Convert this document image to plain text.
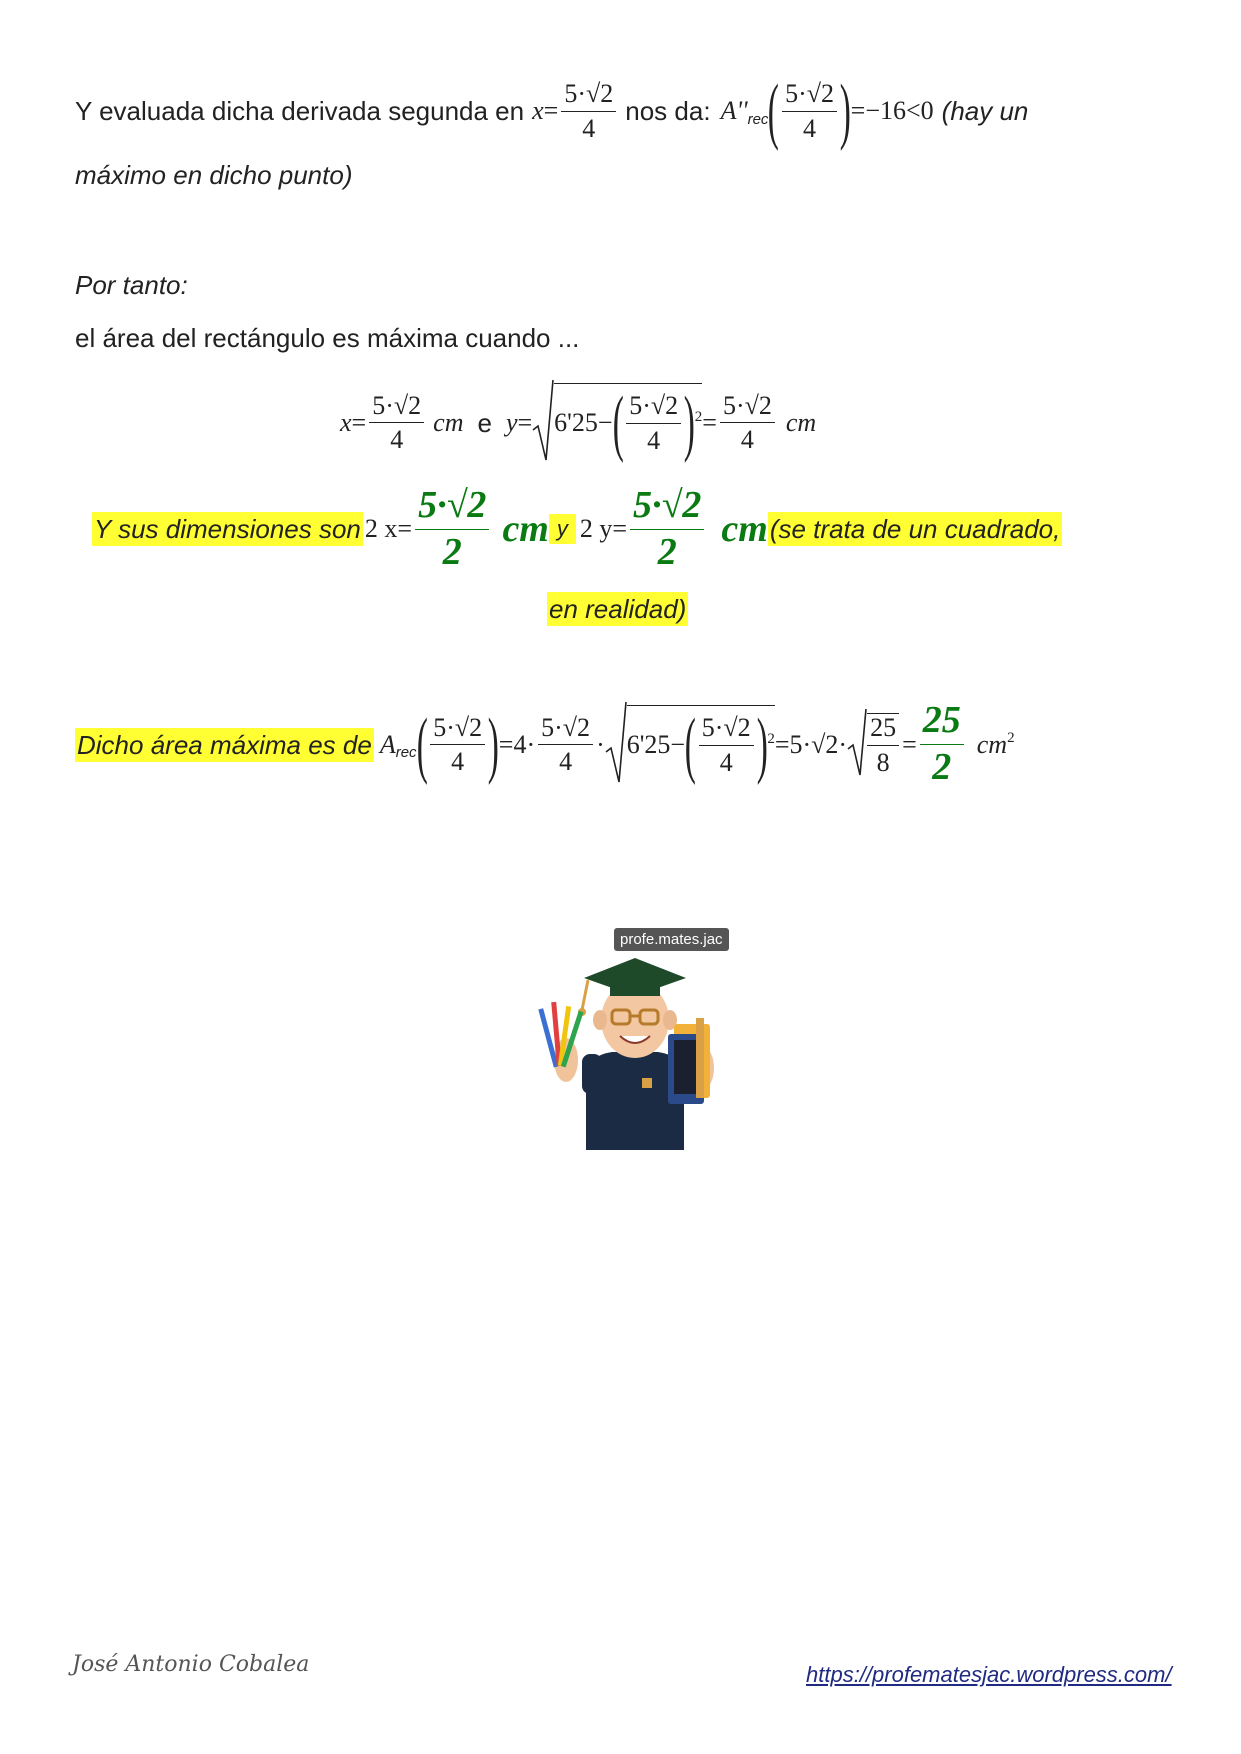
Y evaluada dicha derivada segunda en $x = \frac{5\cdot√2}{4}$ nos da: A'' rec ( $\frac{5\cdot√2}{4}$ ) =−16<0 (hay un
máximo en dicho punto)
Por tanto:
el área del rectángulo es máxima cuando ...
$x = \frac{5\cdot√2}{4}$ cm e y = 6'25 − ( $\frac{5\cdot√2}{4}$ ) $2 = \frac{5\cdot√2}{4}$ cm
Y sus dimensiones son 2 $x = \frac{5\cdot√2}{2}$ cm y 2 $y = \frac{5\cdot√2}{2}$ cm (se trata de un cuadrado,
en realidad)
Dicho área máxima es de A rec ( $\frac{5\cdot√2}{4}$ ) $=4\cdot \frac{5\cdot√2}{4} \cdot 6'25$ − ( $\frac{5\cdot√2}{4}$ ) $2 =5\cdot√2\cdot \frac{25}{8} = \frac{25}{2}$ cm 2
profe.mates.jac
José Antonio Cobalea	https://profematesjac.wordpress.com/
